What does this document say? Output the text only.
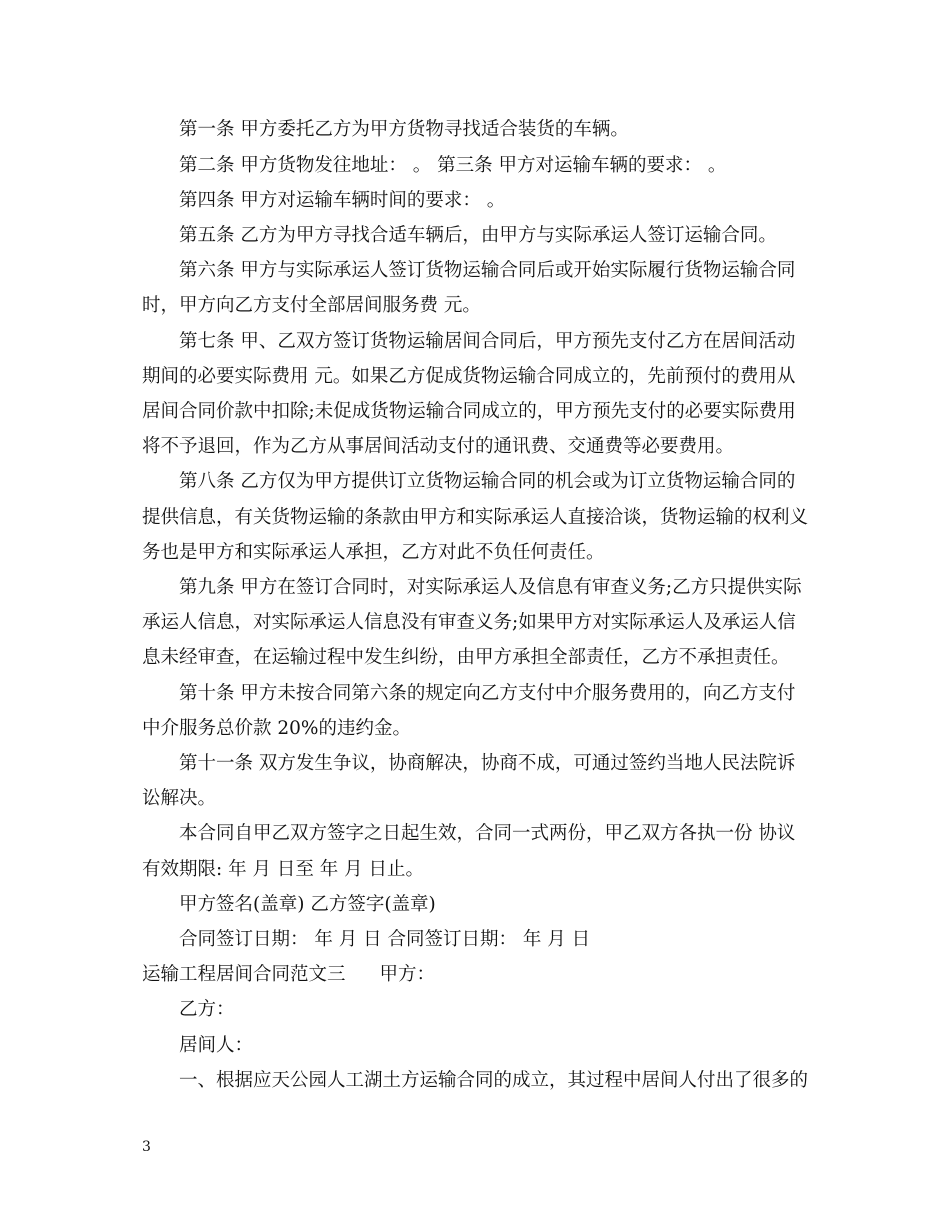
第一条 甲方委托乙方为甲方货物寻找适合装货的车辆。
第二条 甲方货物发往地址： 。 第三条 甲方对运输车辆的要求： 。
第四条 甲方对运输车辆时间的要求： 。
第五条 乙方为甲方寻找合适车辆后，由甲方与实际承运人签订运输合同。
第六条 甲方与实际承运人签订货物运输合同后或开始实际履行货物运输合同
时，甲方向乙方支付全部居间服务费 元。
第七条 甲、乙双方签订货物运输居间合同后，甲方预先支付乙方在居间活动
期间的必要实际费用 元。如果乙方促成货物运输合同成立的，先前预付的费用从
居间合同价款中扣除;未促成货物运输合同成立的，甲方预先支付的必要实际费用
将不予退回，作为乙方从事居间活动支付的通讯费、交通费等必要费用。
第八条 乙方仅为甲方提供订立货物运输合同的机会或为订立货物运输合同的
提供信息，有关货物运输的条款由甲方和实际承运人直接洽谈，货物运输的权利义
务也是甲方和实际承运人承担，乙方对此不负任何责任。
第九条 甲方在签订合同时，对实际承运人及信息有审查义务;乙方只提供实际
承运人信息，对实际承运人信息没有审查义务;如果甲方对实际承运人及承运人信
息未经审查，在运输过程中发生纠纷，由甲方承担全部责任，乙方不承担责任。
第十条 甲方未按合同第六条的规定向乙方支付中介服务费用的，向乙方支付
中介服务总价款 20%的违约金。
第十一条 双方发生争议，协商解决，协商不成，可通过签约当地人民法院诉
讼解决。
本合同自甲乙双方签字之日起生效，合同一式两份，甲乙双方各执一份 协议
有效期限: 年 月 日至 年 月 日止。
甲方签名(盖章) 乙方签字(盖章)
合同签订日期： 年 月 日 合同签订日期： 年 月 日
运输工程居间合同范文三 甲方：
乙方：
居间人：
一、根据应天公园人工湖土方运输合同的成立，其过程中居间人付出了很多的
3
